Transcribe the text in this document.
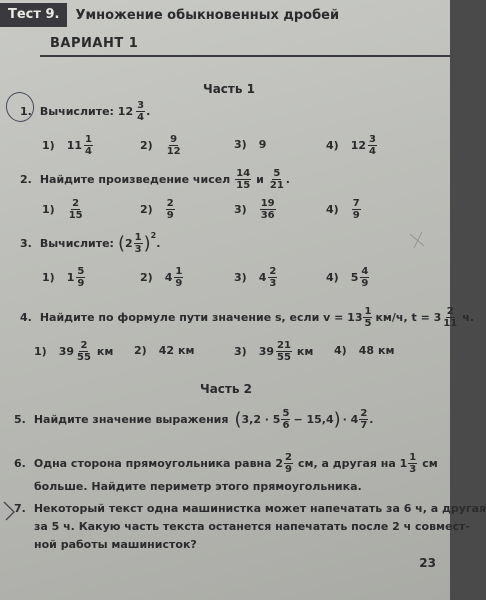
Тест 9.	Умножение обыкновенных дробей
ВАРИАНТ 1
Часть 1
1. Вычислите: $12 \frac{3}{4}$ .
1) $11 \frac{1}{4}$	$2) \frac{9}{12}$	3) 9	4) $12 \frac{3}{4}$
2. Найдите произведение чисел $\frac{14}{15}$ и $\frac{5}{21}$ .
$1) \frac{2}{15}$	$2) \frac{2}{9}$	$3) \frac{19}{36}$	$4) \frac{7}{9}$
3. Вычислите: ( $2 \frac{1}{3}$ ) 2
.
1) $1 \frac{5}{9}$	2) $4 \frac{1}{9}$	3) $4 \frac{2}{3}$	4) $5 \frac{4}{9}$
4. Найдите по формуле пути значение s, если $v = 13 \frac{1}{5} км/ч$, $t = 3 \frac{2}{11} ч$.
1) $39 \frac{2}{55}$ км 2) 42 км	3) $39 \frac{21}{55}$ км 4) 48 км
Часть 2
5. Найдите значение выражения ( $3,2 \cdot 5 \frac{5}{6} - 15,4$ ) · $4 \frac{2}{7}$ .
6. Одна сторона прямоугольника равна $2 \frac{2}{9}$ см, а другая на $1 \frac{1}{3}$ см
больше. Найдите периметр этого прямоугольника.
7. Некоторый текст одна машинистка может напечатать за 6 ч, а другая
за 5 ч. Какую часть текста останется напечатать после 2 ч совмест-
ной работы машинисток?
23
